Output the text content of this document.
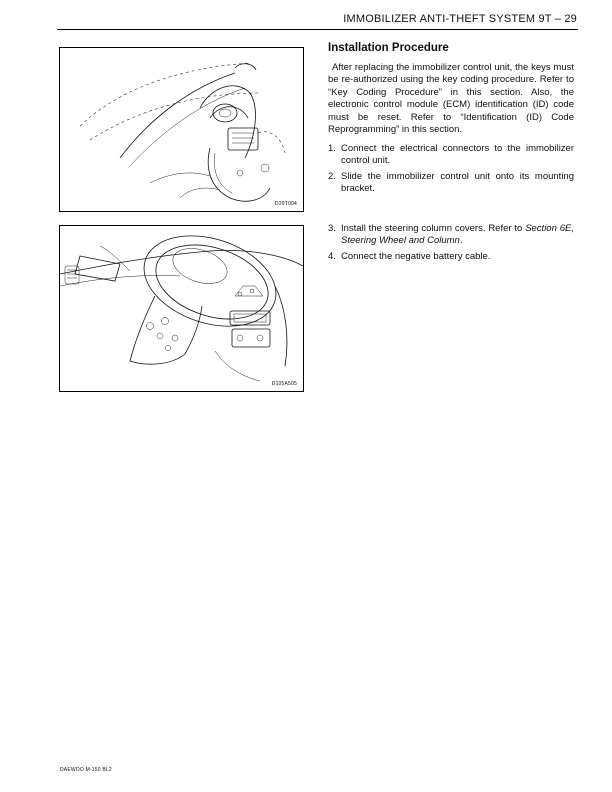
IMMOBILIZER ANTI-THEFT SYSTEM 9T – 29
D29T004
D105A505
Installation Procedure
After replacing the immobilizer control unit, the keys must be re-authorized using the key coding procedure. Refer to “Key Coding Procedure” in this section. Also, the electronic control module (ECM) identification (ID) code must be reset. Refer to “Identification (ID) Code Reprogramming” in this section.
1. Connect the electrical connectors to the immobilizer control unit.
2. Slide the immobilizer control unit onto its mounting bracket.
3. Install the steering column covers. Refer to Section 6E, Steering Wheel and Column.
4. Connect the negative battery cable.
DAEWOO M-150 BL2
